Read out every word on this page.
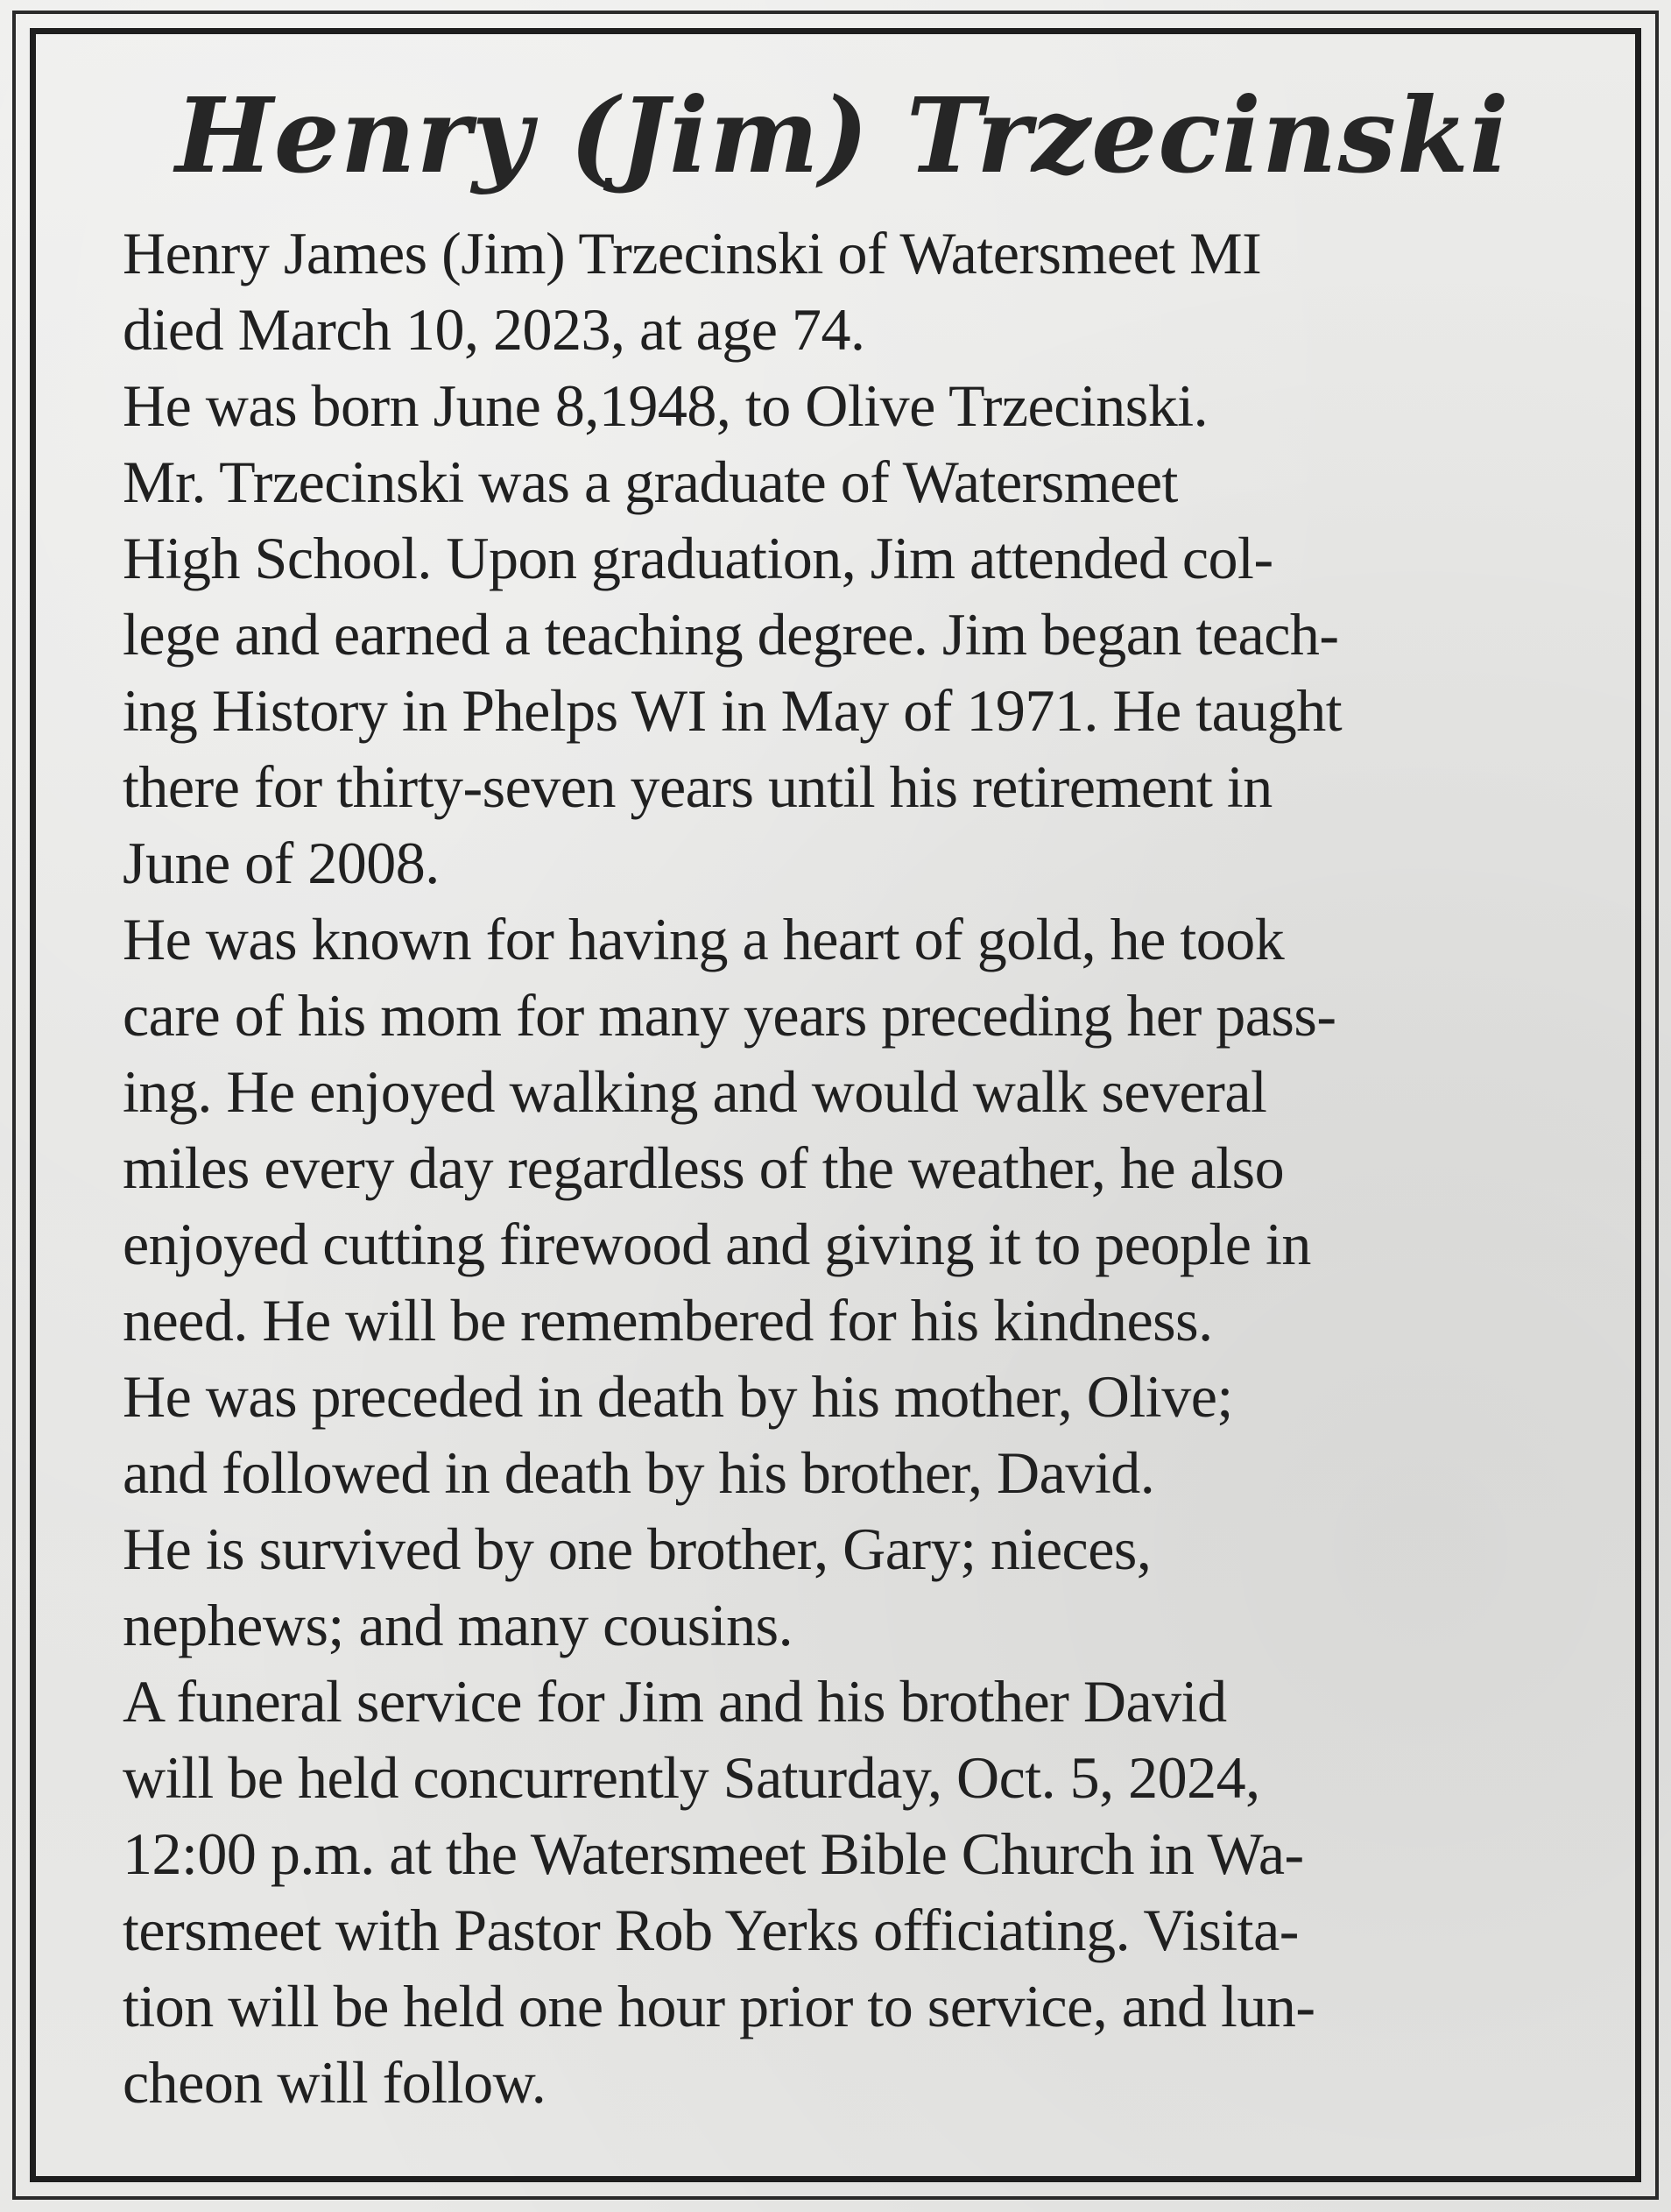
Henry (Jim) Trzecinski

Henry James (Jim) Trzecinski of Watersmeet MI
died March 10, 2023, at age 74.

He was born June 8,1948, to Olive Trzecinski.

Mr. Trzecinski was a graduate of Watersmeet
High School. Upon graduation, Jim attended col-
lege and earned a teaching degree. Jim began teach-
ing History in Phelps WI in May of 1971. He taught
there for thirty-seven years until his retirement in
June of 2008.

He was known for having a heart of gold, he took
care of his mom for many years preceding her pass-
ing. He enjoyed walking and would walk several
miles every day regardless of the weather, he also
enjoyed cutting firewood and giving it to people in
need. He will be remembered for his kindness.

He was preceded in death by his mother, Olive;
and followed in death by his brother, David.

He is survived by one brother, Gary; nieces,
nephews; and many cousins.

A funeral service for Jim and his brother David
will be held concurrently Saturday, Oct. 5, 2024,
12:00 p.m. at the Watersmeet Bible Church in Wa-
tersmeet with Pastor Rob Yerks officiating. Visita-
tion will be held one hour prior to service, and lun-
cheon will follow.
